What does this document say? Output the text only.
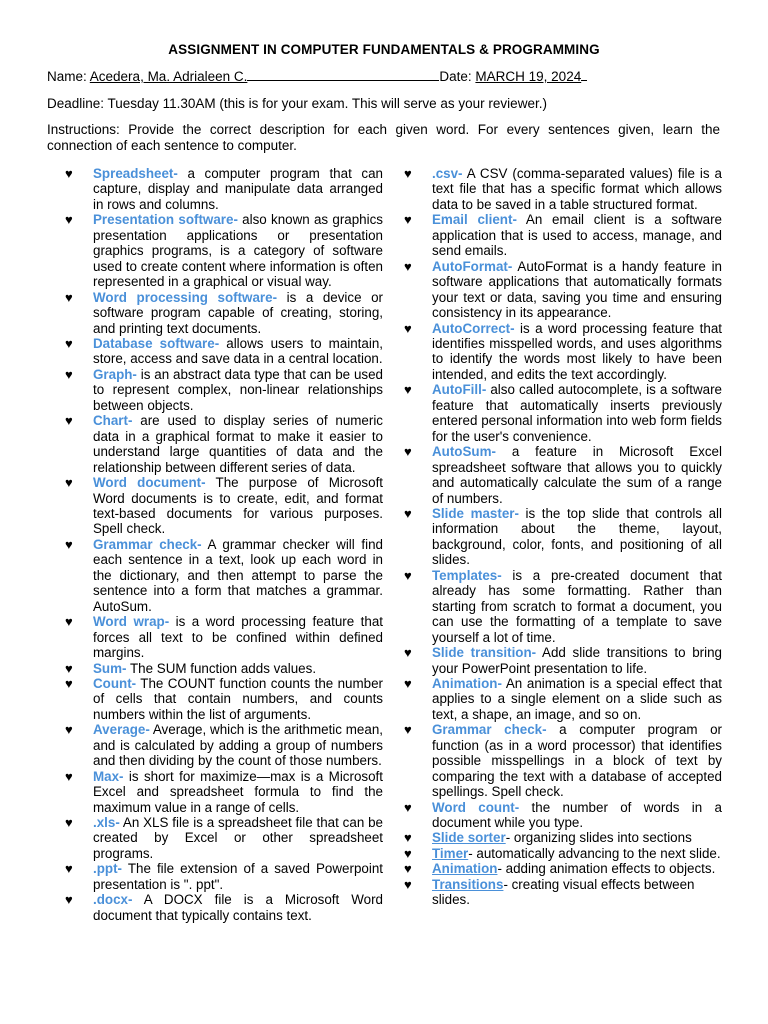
ASSIGNMENT IN COMPUTER FUNDAMENTALS & PROGRAMMING
Name: Acedera, Ma. Adrialeen C.	Date: MARCH 19, 2024
Deadline: Tuesday 11.30AM (this is for your exam. This will serve as your reviewer.)
Instructions: Provide the correct description for each given word. For every sentences given, learn the connection of each sentence to computer.
♥ Spreadsheet- a computer program that can capture, display and manipulate data arranged in rows and columns.
♥ Presentation software- also known as graphics presentation applications or presentation graphics programs, is a category of software used to create content where information is often represented in a graphical or visual way.
♥ Word processing software- is a device or software program capable of creating, storing, and printing text documents.
♥ Database software- allows users to maintain, store, access and save data in a central location.
♥ Graph- is an abstract data type that can be used to represent complex, non-linear relationships between objects.
♥ Chart- are used to display series of numeric data in a graphical format to make it easier to understand large quantities of data and the relationship between different series of data.
♥ Word document- The purpose of Microsoft Word documents is to create, edit, and format text-based documents for various purposes. Spell check.
♥ Grammar check- A grammar checker will find each sentence in a text, look up each word in the dictionary, and then attempt to parse the sentence into a form that matches a grammar. AutoSum.
♥ Word wrap- is a word processing feature that forces all text to be confined within defined margins.
♥ Sum- The SUM function adds values.
♥ Count- The COUNT function counts the number of cells that contain numbers, and counts numbers within the list of arguments.
♥ Average- Average, which is the arithmetic mean, and is calculated by adding a group of numbers and then dividing by the count of those numbers.
♥ Max- is short for maximize—max is a Microsoft Excel and spreadsheet formula to find the maximum value in a range of cells.
♥ .xls- An XLS file is a spreadsheet file that can be created by Excel or other spreadsheet programs.
♥ .ppt- The file extension of a saved Powerpoint presentation is ". ppt".
♥ .docx- A DOCX file is a Microsoft Word document that typically contains text.
♥ .csv- A CSV (comma-separated values) file is a text file that has a specific format which allows data to be saved in a table structured format.
♥ Email client- An email client is a software application that is used to access, manage, and send emails.
♥ AutoFormat- AutoFormat is a handy feature in software applications that automatically formats your text or data, saving you time and ensuring consistency in its appearance.
♥ AutoCorrect- is a word processing feature that identifies misspelled words, and uses algorithms to identify the words most likely to have been intended, and edits the text accordingly.
♥ AutoFill- also called autocomplete, is a software feature that automatically inserts previously entered personal information into web form fields for the user's convenience.
♥ AutoSum- a feature in Microsoft Excel spreadsheet software that allows you to quickly and automatically calculate the sum of a range of numbers.
♥ Slide master- is the top slide that controls all information about the theme, layout, background, color, fonts, and positioning of all slides.
♥ Templates- is a pre-created document that already has some formatting. Rather than starting from scratch to format a document, you can use the formatting of a template to save yourself a lot of time.
♥ Slide transition- Add slide transitions to bring your PowerPoint presentation to life.
♥ Animation- An animation is a special effect that applies to a single element on a slide such as text, a shape, an image, and so on.
♥ Grammar check- a computer program or function (as in a word processor) that identifies possible misspellings in a block of text by comparing the text with a database of accepted spellings. Spell check.
♥ Word count- the number of words in a document while you type.
♥ Slide sorter- organizing slides into sections
♥ Timer- automatically advancing to the next slide.
♥ Animation- adding animation effects to objects.
♥ Transitions- creating visual effects between slides.
